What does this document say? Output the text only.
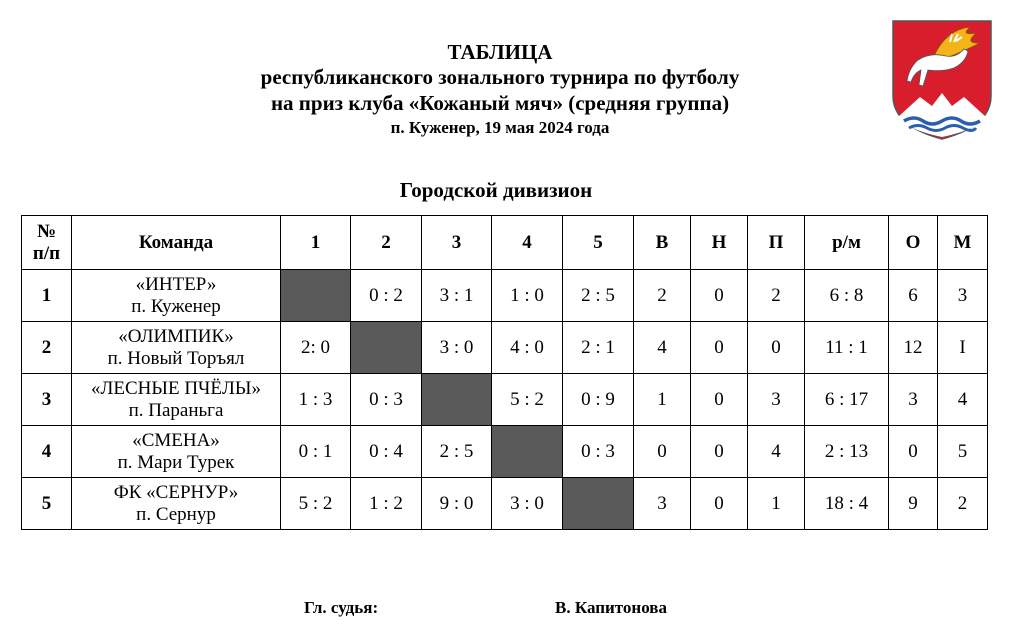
ТАБЛИЦА
республиканского зонального турнира по футболу
на приз клуба «Кожаный мяч» (средняя группа)
п. Куженер, 19 мая 2024 года
Городской дивизион
№
п/п	Команда	1	2	3	4	5	В	Н	П	р/м	О	М
1	«ИНТЕР»
п. Куженер		0 : 2	3 : 1	1 : 0	2 : 5	2	0	2	6 : 8	6	3
2	«ОЛИМПИК»
п. Новый Торъял	2: 0		3 : 0	4 : 0	2 : 1	4	0	0	11 : 1	12	I
3	«ЛЕСНЫЕ ПЧЁЛЫ»
п. Параньга	1 : 3	0 : 3		5 : 2	0 : 9	1	0	3	6 : 17	3	4
4	«СМЕНА»
п. Мари Турек	0 : 1	0 : 4	2 : 5		0 : 3	0	0	4	2 : 13	0	5
5	ФК «СЕРНУР»
п. Сернур	5 : 2	1 : 2	9 : 0	3 : 0		3	0	1	18 : 4	9	2
Гл. судья:	В. Капитонова
